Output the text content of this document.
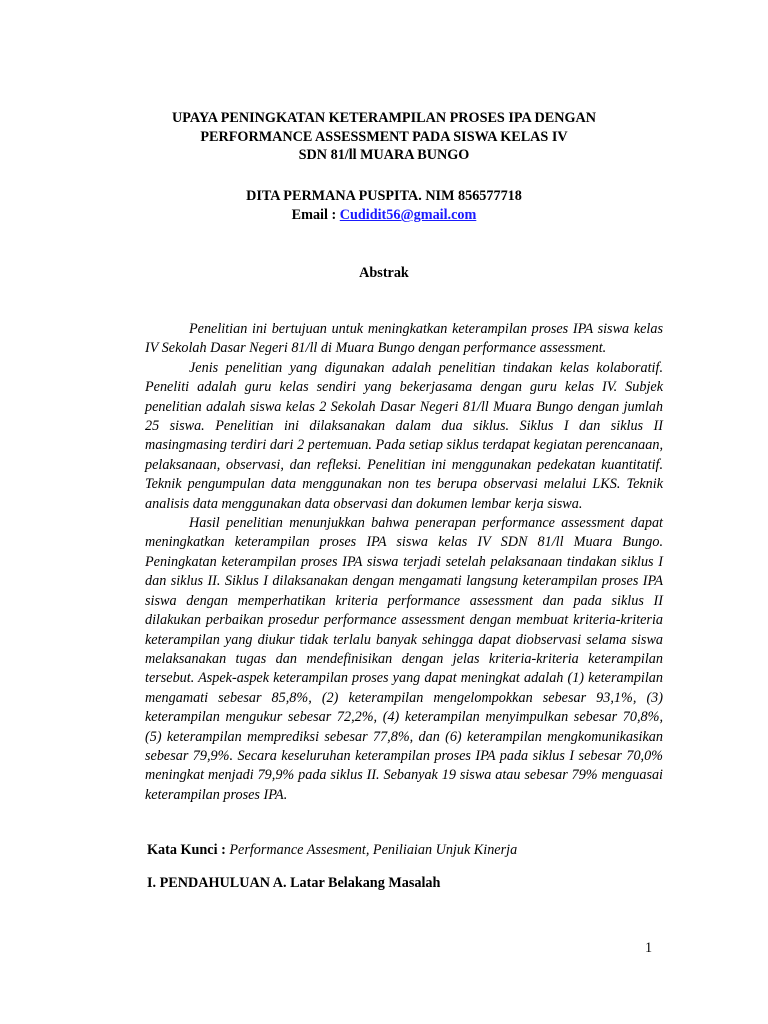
UPAYA PENINGKATAN KETERAMPILAN PROSES IPA DENGAN
PERFORMANCE ASSESSMENT PADA SISWA KELAS IV
SDN 81/ll MUARA BUNGO
DITA PERMANA PUSPITA. NIM 856577718
Email : Cudidit56@gmail.com
Abstrak

Penelitian ini bertujuan untuk meningkatkan keterampilan proses IPA siswa kelas IV Sekolah Dasar Negeri 81/ll di Muara Bungo dengan performance assessment.

Jenis penelitian yang digunakan adalah penelitian tindakan kelas kolaboratif. Peneliti adalah guru kelas sendiri yang bekerjasama dengan guru kelas IV. Subjek penelitian adalah siswa kelas 2 Sekolah Dasar Negeri 81/ll Muara Bungo dengan jumlah 25 siswa. Penelitian ini dilaksanakan dalam dua siklus. Siklus I dan siklus II masingmasing terdiri dari 2 pertemuan. Pada setiap siklus terdapat kegiatan perencanaan, pelaksanaan, observasi, dan refleksi. Penelitian ini menggunakan pedekatan kuantitatif. Teknik pengumpulan data menggunakan non tes berupa observasi melalui LKS. Teknik analisis data menggunakan data observasi dan dokumen lembar kerja siswa.

Hasil penelitian menunjukkan bahwa penerapan performance assessment dapat meningkatkan keterampilan proses IPA siswa kelas IV SDN 81/ll Muara Bungo. Peningkatan keterampilan proses IPA siswa terjadi setelah pelaksanaan tindakan siklus I dan siklus II. Siklus I dilaksanakan dengan mengamati langsung keterampilan proses IPA siswa dengan memperhatikan kriteria performance assessment dan pada siklus II dilakukan perbaikan prosedur performance assessment dengan membuat kriteria-kriteria keterampilan yang diukur tidak terlalu banyak sehingga dapat diobservasi selama siswa melaksanakan tugas dan mendefinisikan dengan jelas kriteria-kriteria keterampilan tersebut. Aspek-aspek keterampilan proses yang dapat meningkat adalah (1) keterampilan mengamati sebesar 85,8%, (2) keterampilan mengelompokkan sebesar 93,1%, (3) keterampilan mengukur sebesar 72,2%, (4) keterampilan menyimpulkan sebesar 70,8%, (5) keterampilan memprediksi sebesar 77,8%, dan (6) keterampilan mengkomunikasikan sebesar 79,9%. Secara keseluruhan keterampilan proses IPA pada siklus I sebesar 70,0% meningkat menjadi 79,9% pada siklus II. Sebanyak 19 siswa atau sebesar 79% menguasai keterampilan proses IPA.

Kata Kunci : Performance Assesment, Peniliaian Unjuk Kinerja
I. PENDAHULUAN A. Latar Belakang Masalah
1
